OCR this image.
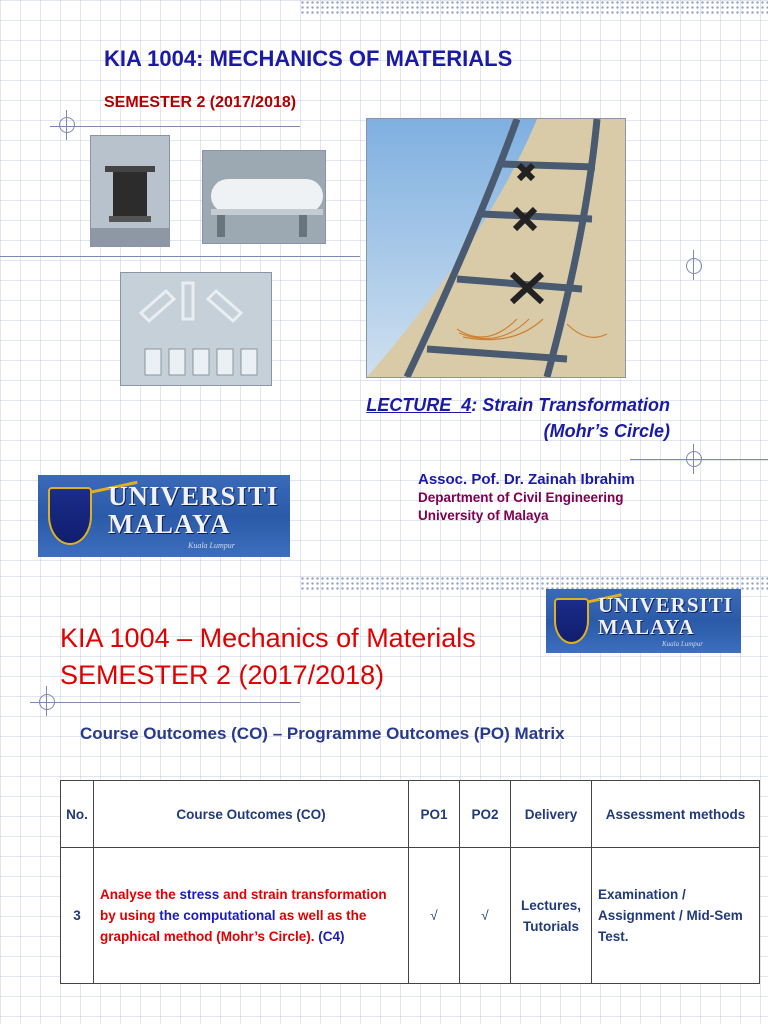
KIA 1004: MECHANICS OF MATERIALS
SEMESTER 2 (2017/2018)
LECTURE 4: Strain Transformation
(Mohr’s Circle)
Assoc. Pof. Dr. Zainah Ibrahim
Department of Civil Engineering
University of Malaya
UNIVERSITI
MALAYA
Kuala Lumpur
UNIVERSITI
MALAYA
Kuala Lumpur
KIA 1004 – Mechanics of Materials
SEMESTER 2 (2017/2018)
Course Outcomes (CO) – Programme Outcomes (PO) Matrix
No.	Course Outcomes (CO)	PO1	PO2	Delivery	Assessment methods
3	Analyse the stress and strain transformation by using the computational as well as the graphical method (Mohr’s Circle). (C4)	√	√	Lectures, Tutorials	Examination / Assignment / Mid-Sem Test.
